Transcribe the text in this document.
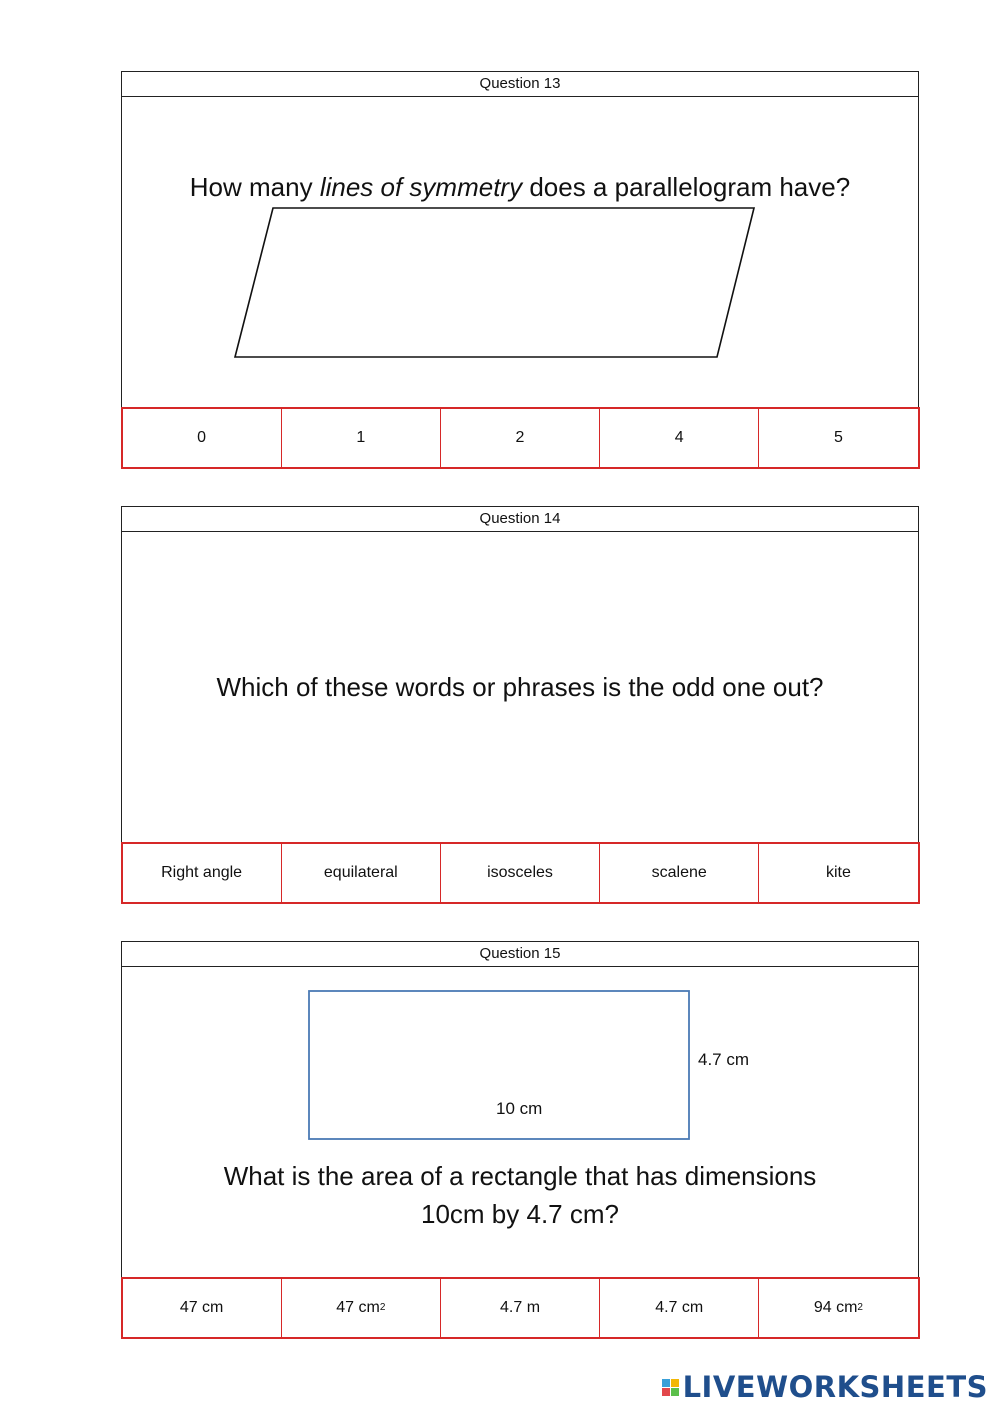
Question 13
How many lines of symmetry does a parallelogram have?
0	1	2	4	5
Question 14
Which of these words or phrases is the odd one out?
Right angle	equilateral	isosceles	scalene	kite
Question 15
10 cm
4.7 cm
What is the area of a rectangle that has dimensions
10cm by 4.7 cm?
47 cm	47 cm 2	4.7 m	4.7 cm	94 cm 2
LIVEWORKSHEETS
